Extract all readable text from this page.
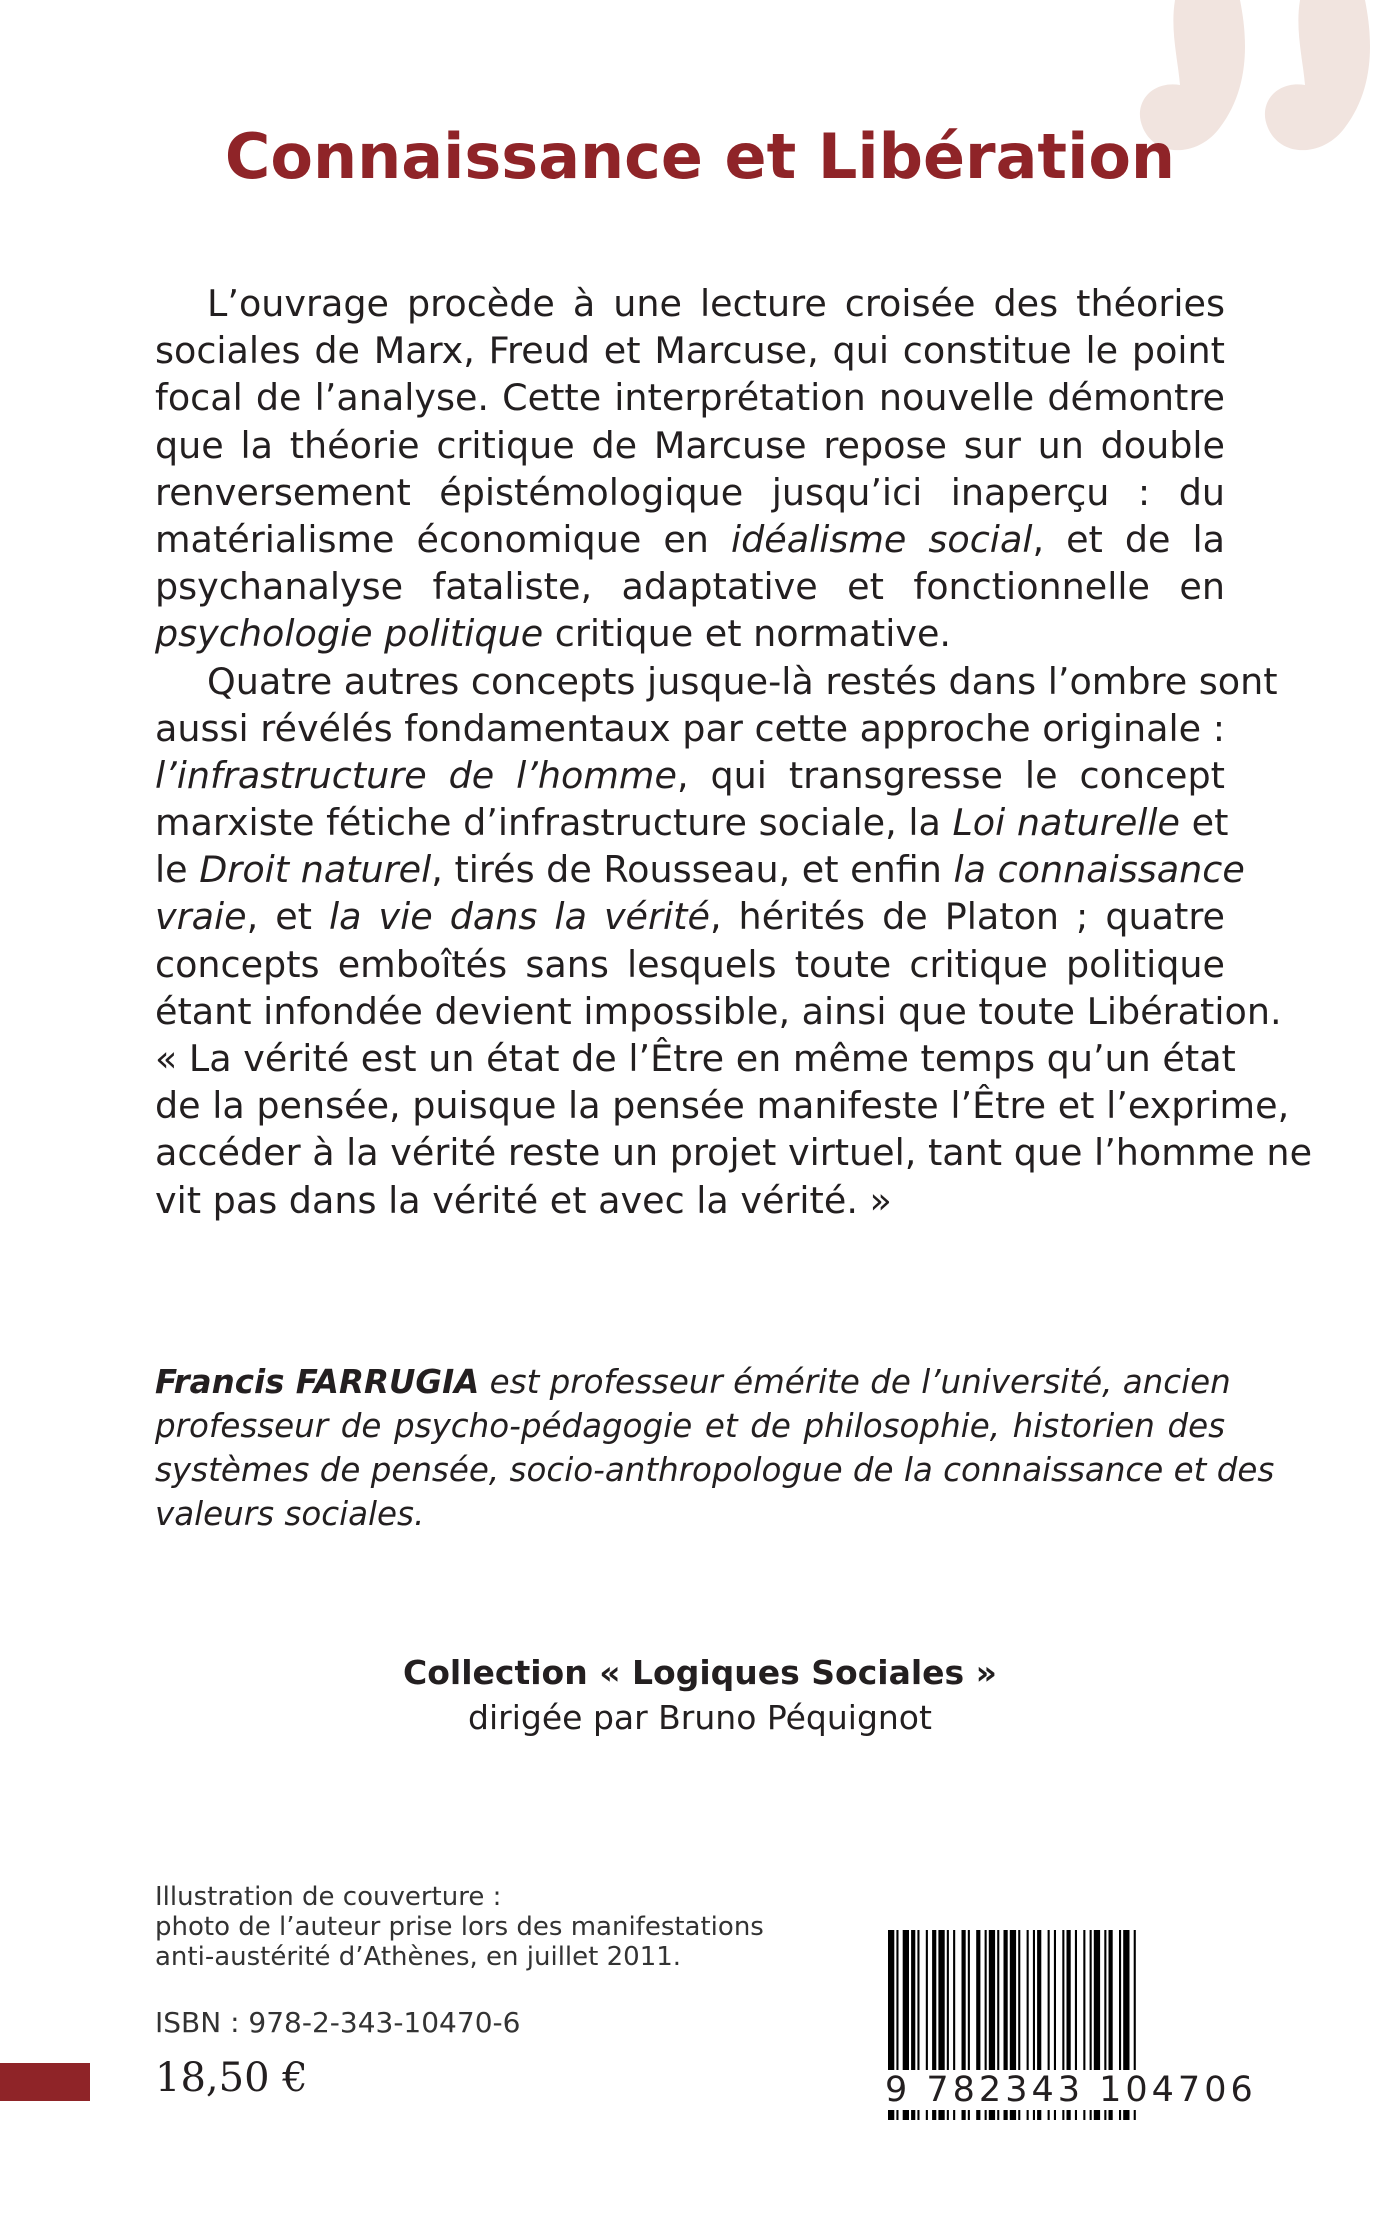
Connaissance et Libération
L’ouvrage procède à une lecture croisée des théories
sociales de Marx, Freud et Marcuse, qui constitue le point
focal de l’analyse. Cette interprétation nouvelle démontre
que la théorie critique de Marcuse repose sur un double
renversement épistémologique jusqu’ici inaperçu : du
matérialisme économique en idéalisme social, et de la
psychanalyse fataliste, adaptative et fonctionnelle en
psychologie politique critique et normative.
Quatre autres concepts jusque-là restés dans l’ombre sont
aussi révélés fondamentaux par cette approche originale :
l’infrastructure de l’homme, qui transgresse le concept
marxiste fétiche d’infrastructure sociale, la Loi naturelle et
le Droit naturel, tirés de Rousseau, et enfin la connaissance
vraie, et la vie dans la vérité, hérités de Platon ; quatre
concepts emboîtés sans lesquels toute critique politique
étant infondée devient impossible, ainsi que toute Libération.
« La vérité est un état de l’Être en même temps qu’un état
de la pensée, puisque la pensée manifeste l’Être et l’exprime,
accéder à la vérité reste un projet virtuel, tant que l’homme ne
vit pas dans la vérité et avec la vérité. »
Francis FARRUGIA est professeur émérite de l’université, ancien
professeur de psycho-pédagogie et de philosophie, historien des
systèmes de pensée, socio-anthropologue de la connaissance et des
valeurs sociales.
Collection « Logiques Sociales »
dirigée par Bruno Péquignot
Illustration de couverture :
photo de l’auteur prise lors des manifestations
anti-austérité d’Athènes, en juillet 2011.
ISBN : 978-2-343-10470-6
18,50 €	9 782343 104706
